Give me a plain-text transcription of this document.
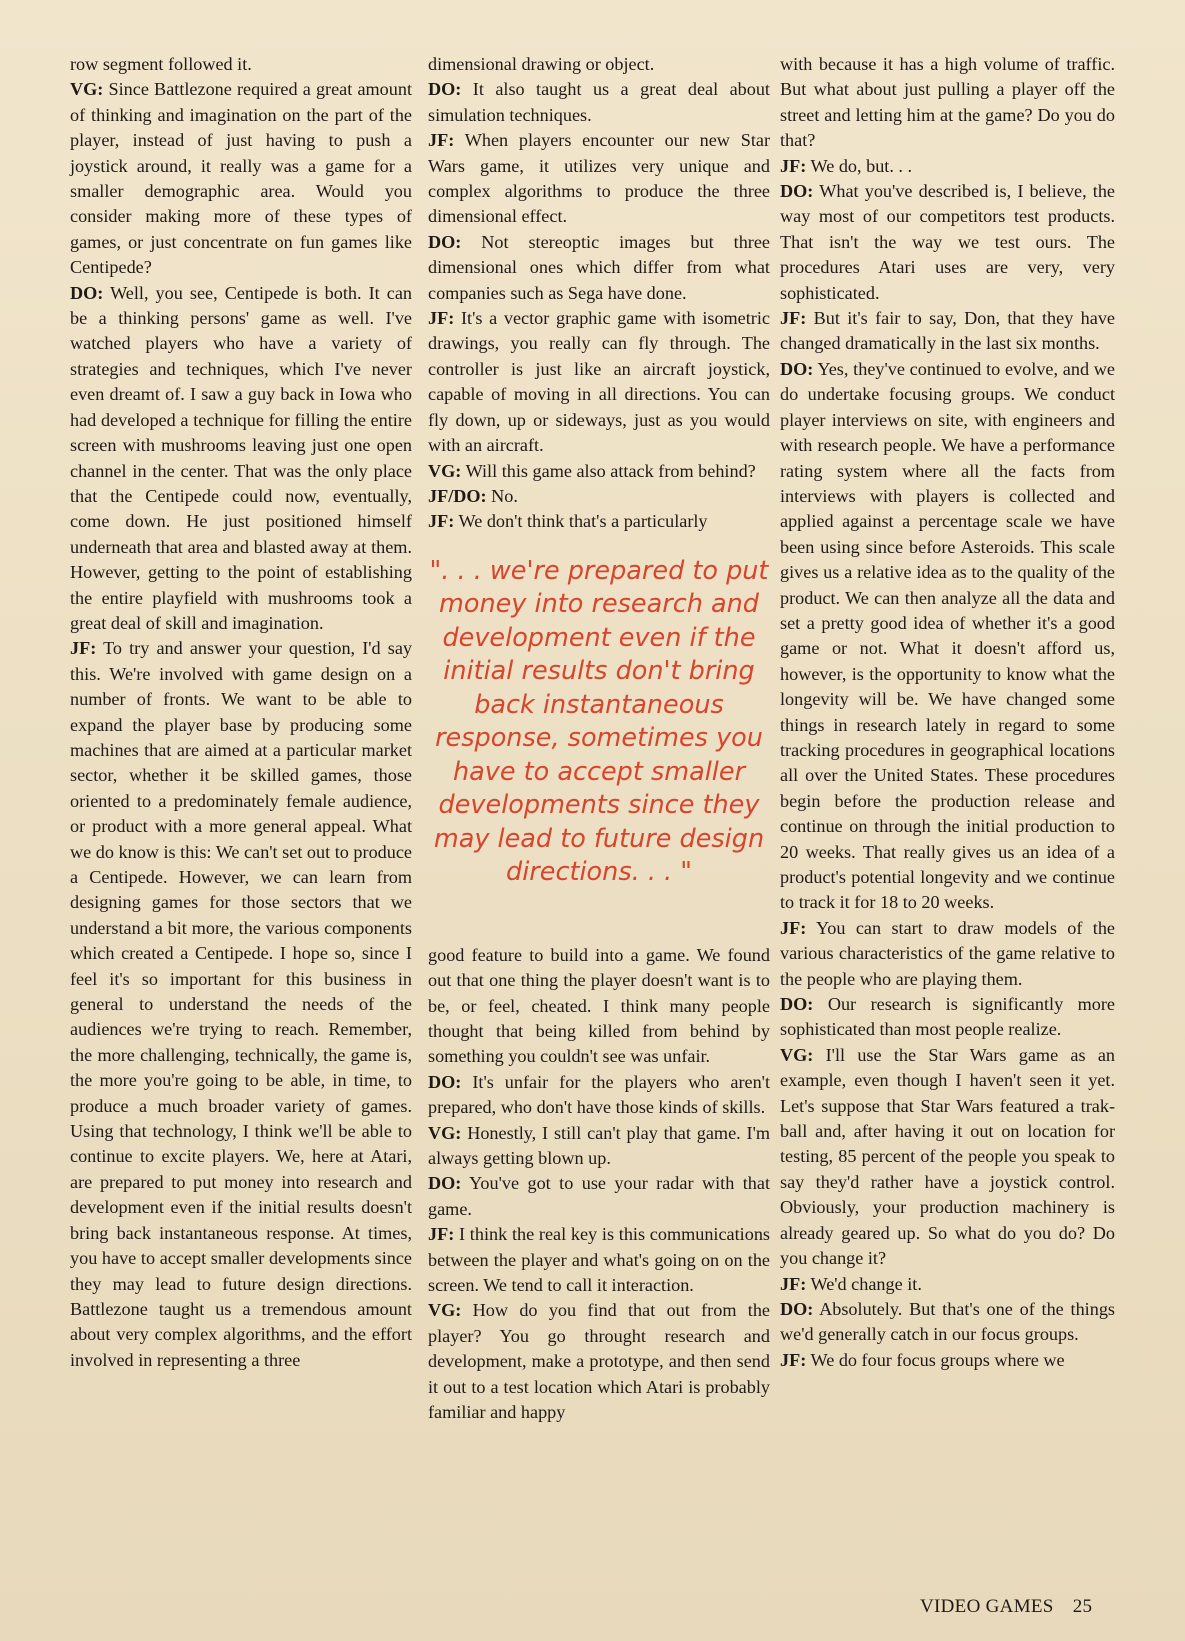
row segment followed it.

VG: Since Battlezone required a great amount of thinking and imagination on the part of the player, instead of just having to push a joystick around, it really was a game for a smaller demographic area. Would you consider making more of these types of games, or just concentrate on fun games like Centipede?

DO: Well, you see, Centipede is both. It can be a thinking persons' game as well. I've watched players who have a variety of strategies and techniques, which I've never even dreamt of. I saw a guy back in Iowa who had developed a technique for filling the entire screen with mushrooms leaving just one open channel in the center. That was the only place that the Centipede could now, eventually, come down. He just positioned himself underneath that area and blasted away at them. However, getting to the point of establishing the entire playfield with mushrooms took a great deal of skill and imagination.

JF: To try and answer your question, I'd say this. We're involved with game design on a number of fronts. We want to be able to expand the player base by producing some machines that are aimed at a particular market sector, whether it be skilled games, those oriented to a predominately female audience, or product with a more general appeal. What we do know is this: We can't set out to produce a Centipede. However, we can learn from designing games for those sectors that we understand a bit more, the various components which created a Centipede. I hope so, since I feel it's so important for this business in general to understand the needs of the audiences we're trying to reach. Remember, the more challenging, technically, the game is, the more you're going to be able, in time, to produce a much broader variety of games. Using that technology, I think we'll be able to continue to excite players. We, here at Atari, are prepared to put money into research and development even if the initial results doesn't bring back instantaneous response. At times, you have to accept smaller developments since they may lead to future design directions. Battlezone taught us a tremendous amount about very complex algorithms, and the effort involved in representing a three

dimensional drawing or object.

DO: It also taught us a great deal about simulation techniques.

JF: When players encounter our new Star Wars game, it utilizes very unique and complex algorithms to produce the three dimensional effect.

DO: Not stereoptic images but three dimensional ones which differ from what companies such as Sega have done.

JF: It's a vector graphic game with isometric drawings, you really can fly through. The controller is just like an aircraft joystick, capable of moving in all directions. You can fly down, up or sideways, just as you would with an aircraft.

VG: Will this game also attack from behind?

JF/DO: No.

JF: We don't think that's a particularly

". . . we're prepared to put money into research and development even if the initial results don't bring back instantaneous response, sometimes you have to accept smaller developments since they may lead to future design directions. . . "

good feature to build into a game. We found out that one thing the player doesn't want is to be, or feel, cheated. I think many people thought that being killed from behind by something you couldn't see was unfair.

DO: It's unfair for the players who aren't prepared, who don't have those kinds of skills.

VG: Honestly, I still can't play that game. I'm always getting blown up.

DO: You've got to use your radar with that game.

JF: I think the real key is this communications between the player and what's going on on the screen. We tend to call it interaction.

VG: How do you find that out from the player? You go throught research and development, make a prototype, and then send it out to a test location which Atari is probably familiar and happy

with because it has a high volume of traffic. But what about just pulling a player off the street and letting him at the game? Do you do that?

JF: We do, but. . .

DO: What you've described is, I believe, the way most of our competitors test products. That isn't the way we test ours. The procedures Atari uses are very, very sophisticated.

JF: But it's fair to say, Don, that they have changed dramatically in the last six months.

DO: Yes, they've continued to evolve, and we do undertake focusing groups. We conduct player interviews on site, with engineers and with research people. We have a performance rating system where all the facts from interviews with players is collected and applied against a percentage scale we have been using since before Asteroids. This scale gives us a relative idea as to the quality of the product. We can then analyze all the data and set a pretty good idea of whether it's a good game or not. What it doesn't afford us, however, is the opportunity to know what the longevity will be. We have changed some things in research lately in regard to some tracking procedures in geographical locations all over the United States. These procedures begin before the production release and continue on through the initial production to 20 weeks. That really gives us an idea of a product's potential longevity and we continue to track it for 18 to 20 weeks.

JF: You can start to draw models of the various characteristics of the game relative to the people who are playing them.

DO: Our research is significantly more sophisticated than most people realize.

VG: I'll use the Star Wars game as an example, even though I haven't seen it yet. Let's suppose that Star Wars featured a trak-ball and, after having it out on location for testing, 85 percent of the people you speak to say they'd rather have a joystick control. Obviously, your production machinery is already geared up. So what do you do? Do you change it?

JF: We'd change it.

DO: Absolutely. But that's one of the things we'd generally catch in our focus groups.

JF: We do four focus groups where we

VIDEO GAMES 25
